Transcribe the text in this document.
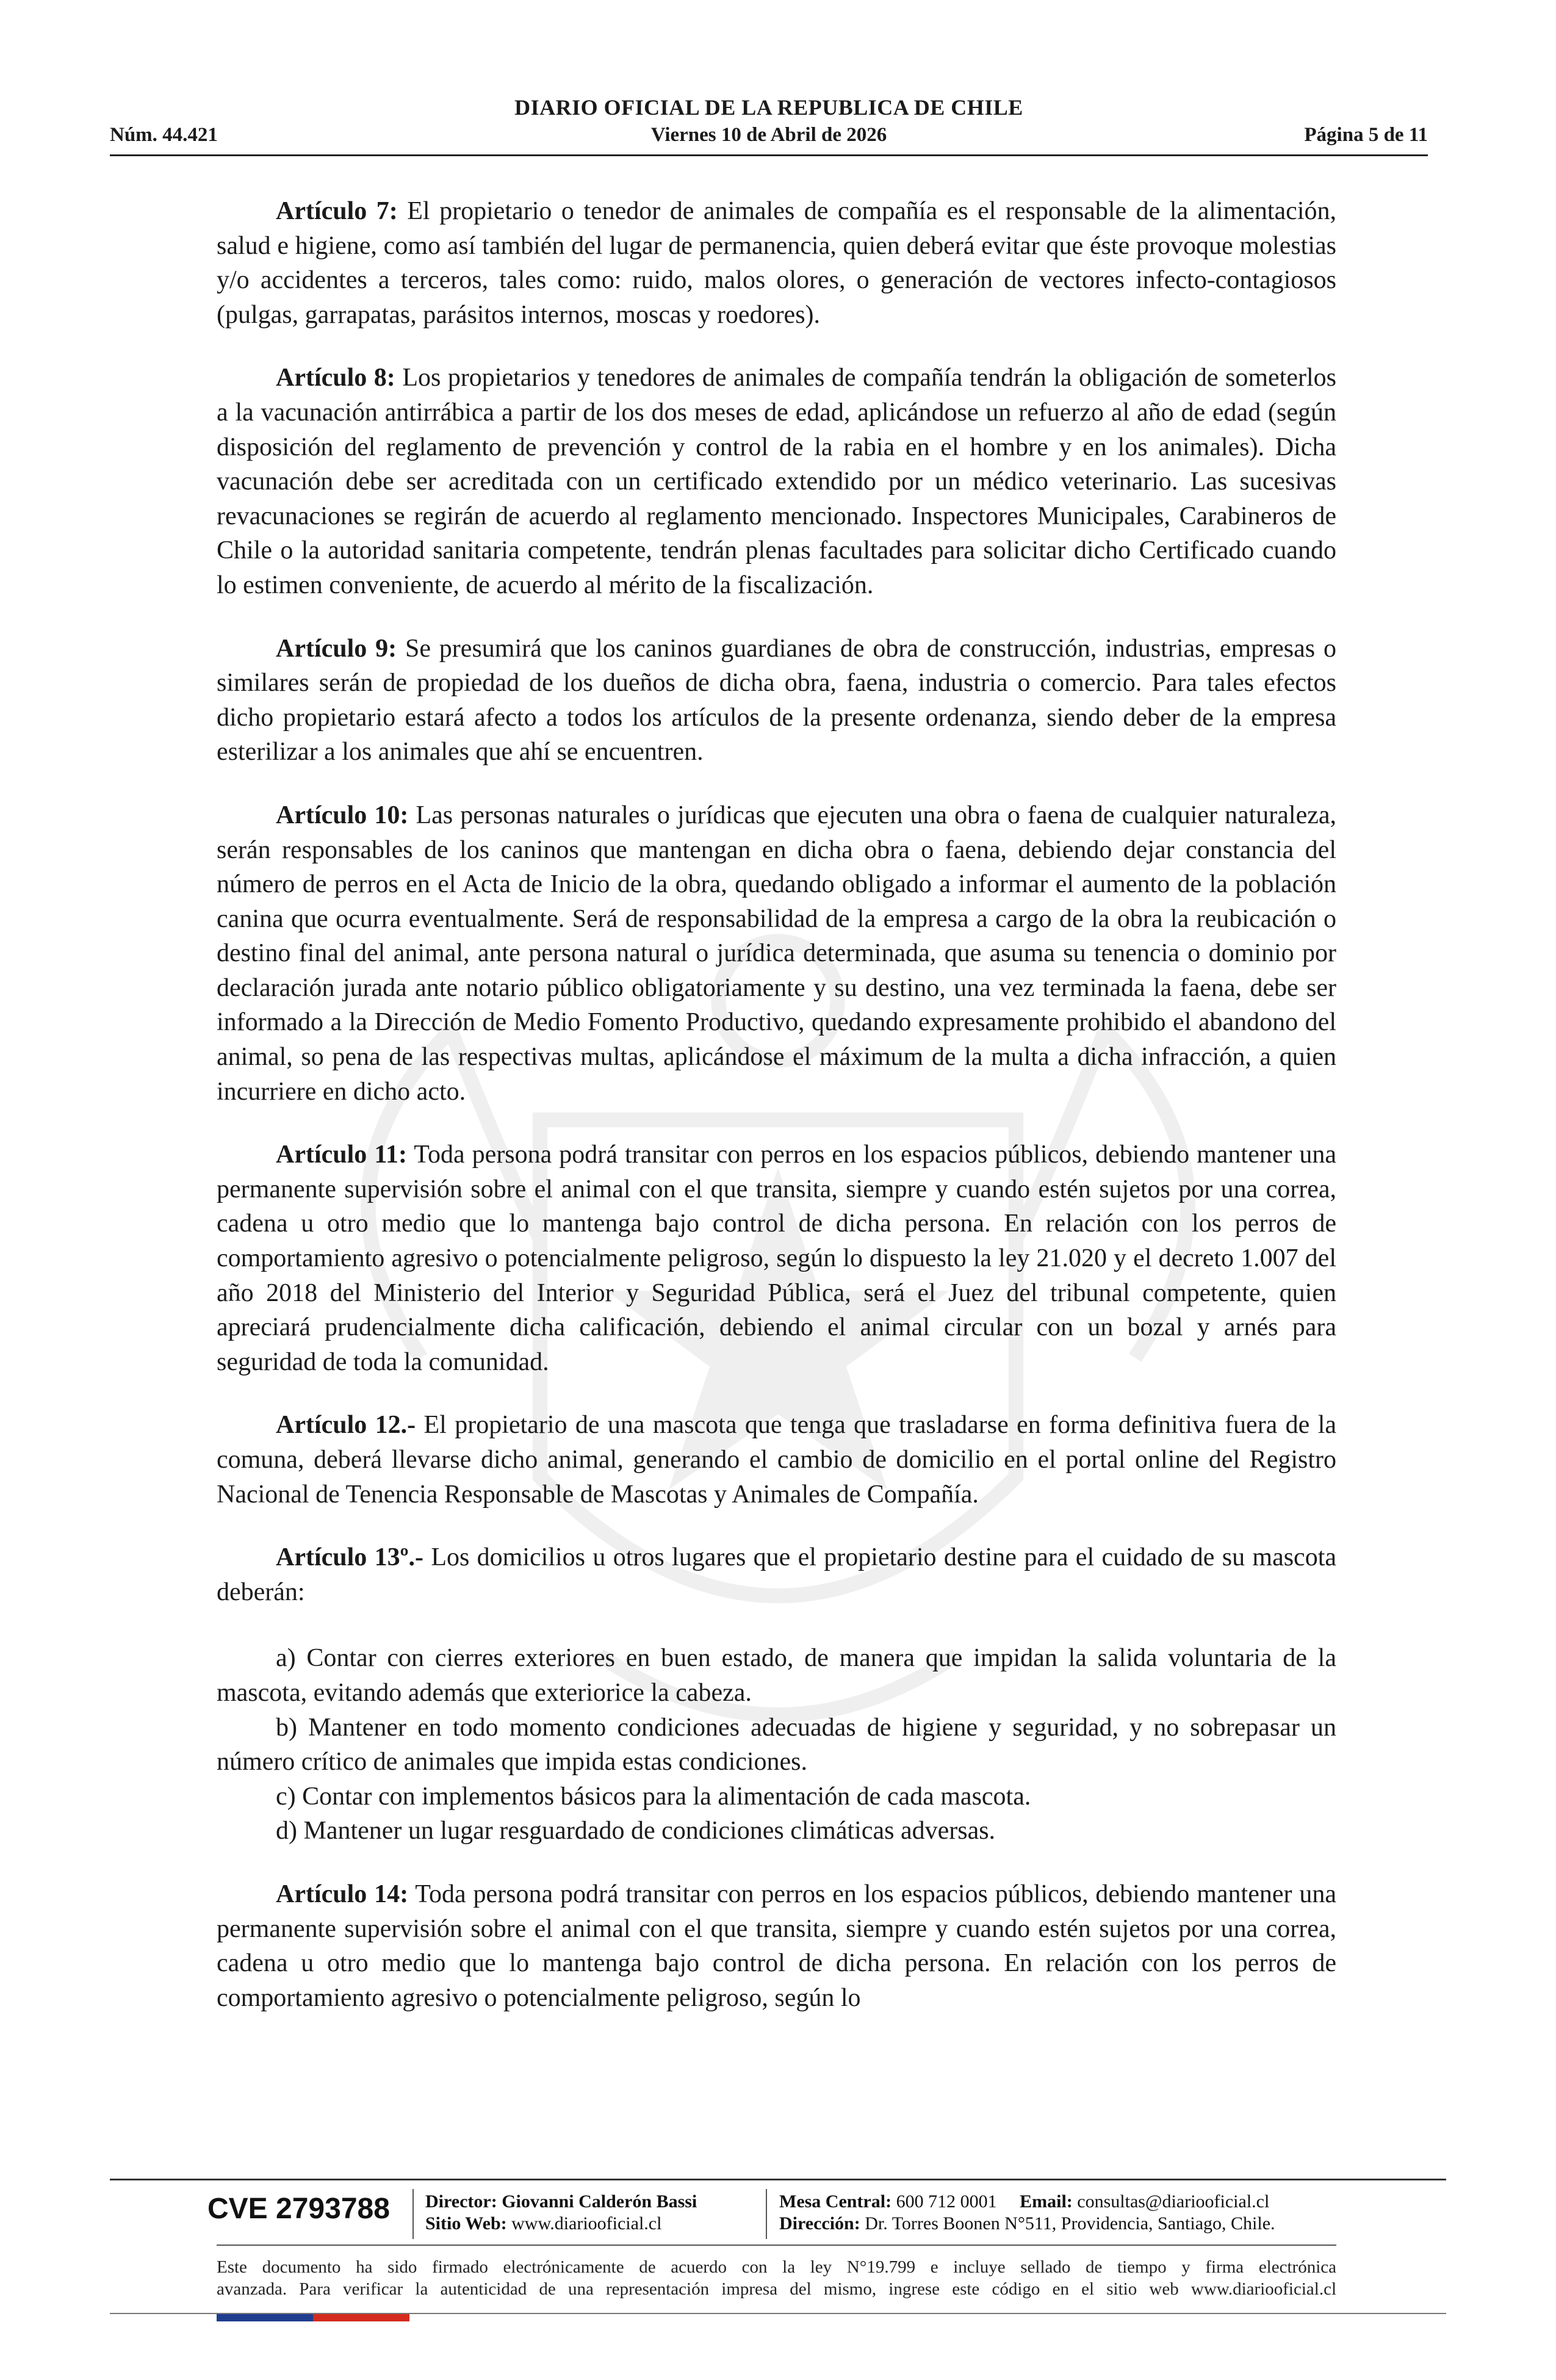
Núm. 44.421
DIARIO OFICIAL DE LA REPUBLICA DE CHILE
Viernes 10 de Abril de 2026	Página 5 de 11

Artículo 7: El propietario o tenedor de animales de compañía es el responsable de la alimentación, salud e higiene, como así también del lugar de permanencia, quien deberá evitar que éste provoque molestias y/o accidentes a terceros, tales como: ruido, malos olores, o generación de vectores infecto-contagiosos (pulgas, garrapatas, parásitos internos, moscas y roedores).

Artículo 8: Los propietarios y tenedores de animales de compañía tendrán la obligación de someterlos a la vacunación antirrábica a partir de los dos meses de edad, aplicándose un refuerzo al año de edad (según disposición del reglamento de prevención y control de la rabia en el hombre y en los animales). Dicha vacunación debe ser acreditada con un certificado extendido por un médico veterinario. Las sucesivas revacunaciones se regirán de acuerdo al reglamento mencionado. Inspectores Municipales, Carabineros de Chile o la autoridad sanitaria competente, tendrán plenas facultades para solicitar dicho Certificado cuando lo estimen conveniente, de acuerdo al mérito de la fiscalización.

Artículo 9: Se presumirá que los caninos guardianes de obra de construcción, industrias, empresas o similares serán de propiedad de los dueños de dicha obra, faena, industria o comercio. Para tales efectos dicho propietario estará afecto a todos los artículos de la presente ordenanza, siendo deber de la empresa esterilizar a los animales que ahí se encuentren.

Artículo 10: Las personas naturales o jurídicas que ejecuten una obra o faena de cualquier naturaleza, serán responsables de los caninos que mantengan en dicha obra o faena, debiendo dejar constancia del número de perros en el Acta de Inicio de la obra, quedando obligado a informar el aumento de la población canina que ocurra eventualmente. Será de responsabilidad de la empresa a cargo de la obra la reubicación o destino final del animal, ante persona natural o jurídica determinada, que asuma su tenencia o dominio por declaración jurada ante notario público obligatoriamente y su destino, una vez terminada la faena, debe ser informado a la Dirección de Medio Fomento Productivo, quedando expresamente prohibido el abandono del animal, so pena de las respectivas multas, aplicándose el máximum de la multa a dicha infracción, a quien incurriere en dicho acto.

Artículo 11: Toda persona podrá transitar con perros en los espacios públicos, debiendo mantener una permanente supervisión sobre el animal con el que transita, siempre y cuando estén sujetos por una correa, cadena u otro medio que lo mantenga bajo control de dicha persona. En relación con los perros de comportamiento agresivo o potencialmente peligroso, según lo dispuesto la ley 21.020 y el decreto 1.007 del año 2018 del Ministerio del Interior y Seguridad Pública, será el Juez del tribunal competente, quien apreciará prudencialmente dicha calificación, debiendo el animal circular con un bozal y arnés para seguridad de toda la comunidad.

Artículo 12.- El propietario de una mascota que tenga que trasladarse en forma definitiva fuera de la comuna, deberá llevarse dicho animal, generando el cambio de domicilio en el portal online del Registro Nacional de Tenencia Responsable de Mascotas y Animales de Compañía.

Artículo 13º.- Los domicilios u otros lugares que el propietario destine para el cuidado de su mascota deberán:

a) Contar con cierres exteriores en buen estado, de manera que impidan la salida voluntaria de la mascota, evitando además que exteriorice la cabeza.
b) Mantener en todo momento condiciones adecuadas de higiene y seguridad, y no sobrepasar un número crítico de animales que impida estas condiciones.
c) Contar con implementos básicos para la alimentación de cada mascota.
d) Mantener un lugar resguardado de condiciones climáticas adversas.

Artículo 14: Toda persona podrá transitar con perros en los espacios públicos, debiendo mantener una permanente supervisión sobre el animal con el que transita, siempre y cuando estén sujetos por una correa, cadena u otro medio que lo mantenga bajo control de dicha persona. En relación con los perros de comportamiento agresivo o potencialmente peligroso, según lo

CVE 2793788 Director: Giovanni Calderón Bassi
Sitio Web: www.diariooficial.cl
Mesa Central: 600 712 0001 Email: consultas@diariooficial.cl
Dirección: Dr. Torres Boonen N°511, Providencia, Santiago, Chile.
Este documento ha sido firmado electrónicamente de acuerdo con la ley N°19.799 e incluye sellado de tiempo y firma electrónica
avanzada. Para verificar la autenticidad de una representación impresa del mismo, ingrese este código en el sitio web www.diariooficial.cl
